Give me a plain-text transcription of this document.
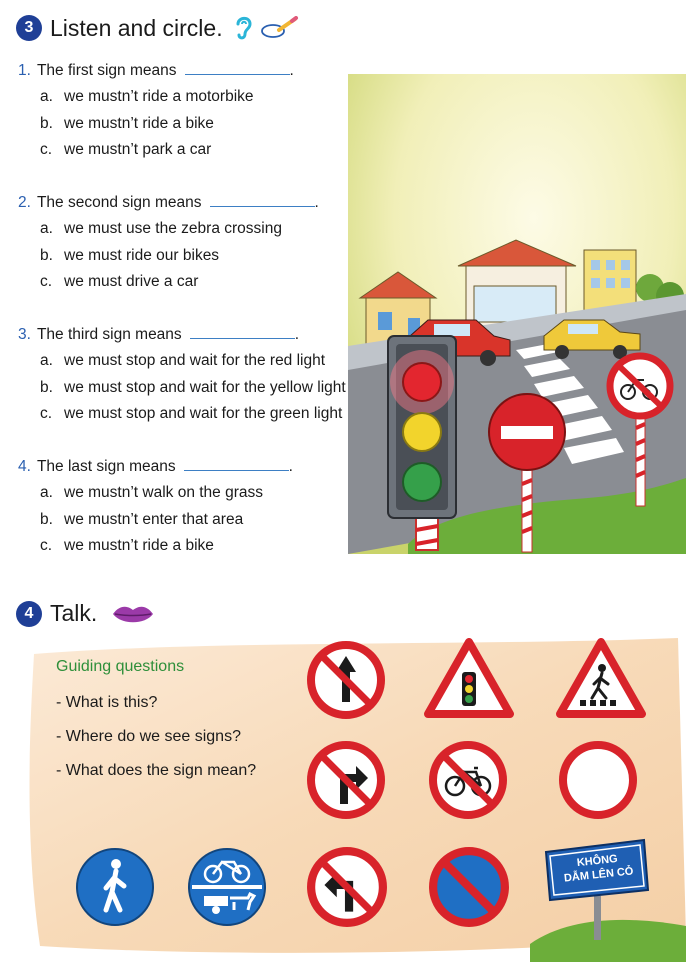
3 Listen and circle.
1. The first sign means	.
a. we mustn’t ride a motorbike
b. we mustn’t ride a bike
c. we mustn’t park a car
2. The second sign means	.
a. we must use the zebra crossing
b. we must ride our bikes
c. we must drive a car
3. The third sign means	.
a. we must stop and wait for the red light
b. we must stop and wait for the yellow light
c. we must stop and wait for the green light
4. The last sign means	.
a. we mustn’t walk on the grass
b. we mustn’t enter that area
c. we mustn’t ride a bike
4 Talk.
Guiding questions
- What is this?
- Where do we see signs?
- What does the sign mean?
KHÔNG
DẪM LÊN CỎ
